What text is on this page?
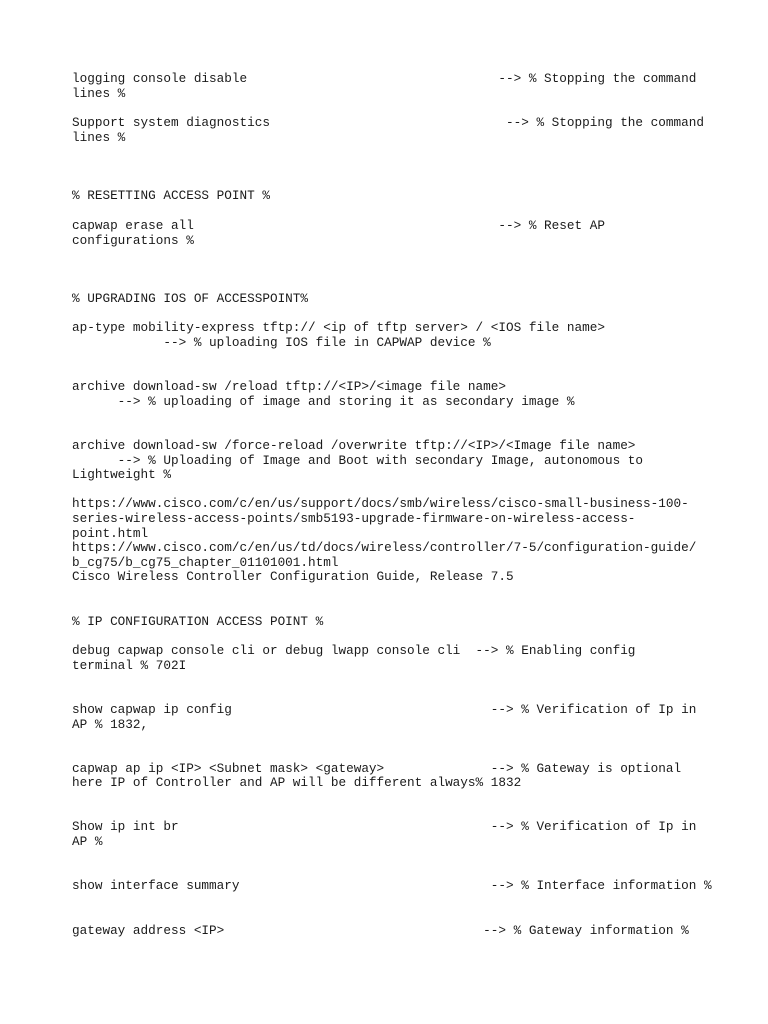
logging console disable                                 --> % Stopping the command

lines %

Support system diagnostics                               --> % Stopping the command

lines %

% RESETTING ACCESS POINT %

capwap erase all                                        --> % Reset AP

configurations %

% UPGRADING IOS OF ACCESSPOINT%

ap-type mobility-express tftp:// <ip of tftp server> / <IOS file name>

--> % uploading IOS file in CAPWAP device %

archive download-sw /reload tftp://<IP>/<image file name>

--> % uploading of image and storing it as secondary image %

archive download-sw /force-reload /overwrite tftp://<IP>/<Image file name>

--> % Uploading of Image and Boot with secondary Image, autonomous to

Lightweight %

https://www.cisco.com/c/en/us/support/docs/smb/wireless/cisco-small-business-100-

series-wireless-access-points/smb5193-upgrade-firmware-on-wireless-access-

point.html

https://www.cisco.com/c/en/us/td/docs/wireless/controller/7-5/configuration-guide/

b_cg75/b_cg75_chapter_01101001.html

Cisco Wireless Controller Configuration Guide, Release 7.5

% IP CONFIGURATION ACCESS POINT %

debug capwap console cli or debug lwapp console cli  --> % Enabling config

terminal % 702I

show capwap ip config                                  --> % Verification of Ip in

AP % 1832,

capwap ap ip <IP> <Subnet mask> <gateway>              --> % Gateway is optional

here IP of Controller and AP will be different always% 1832

Show ip int br                                         --> % Verification of Ip in

AP %

show interface summary                                 --> % Interface information %

gateway address <IP>                                  --> % Gateway information %
